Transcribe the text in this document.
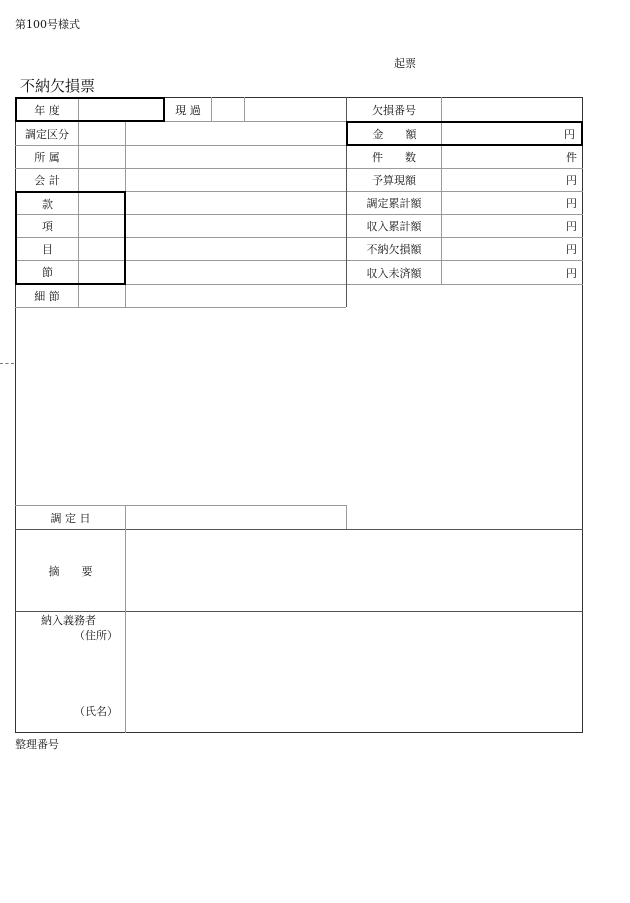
第100号様式
起票
不納欠損票
年 度	現 過	欠損番号
調定区分	金　　額	円
所 属	件　　数	件
会 計	予算現額	円
款	調定累計額	円
項	収入累計額	円
目	不納欠損額	円
節	収入未済額	円
細 節
調 定 日
摘　　要
納入義務者
（住所）
（氏名）
整理番号
